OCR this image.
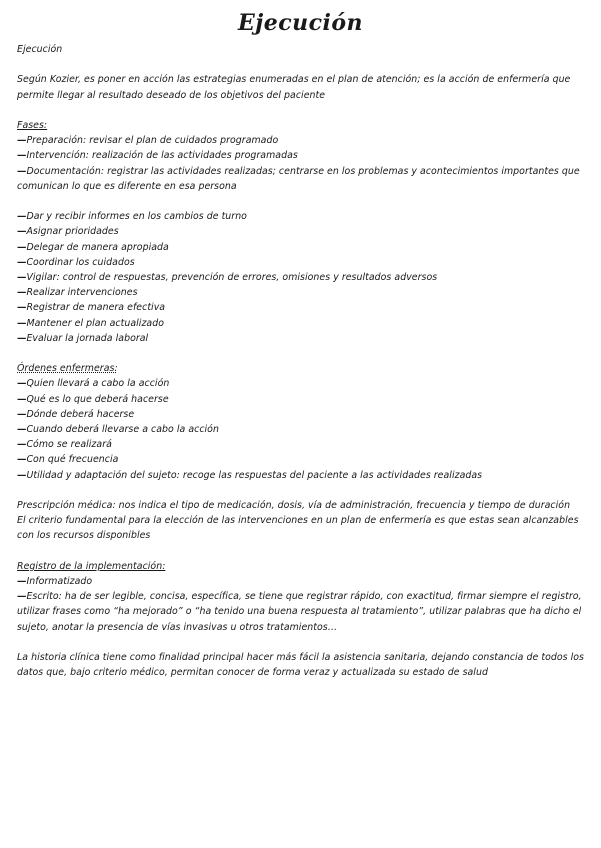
Ejecución

Ejecución

Según Kozier, es poner en acción las estrategias enumeradas en el plan de atención; es la acción de enfermería que permite llegar al resultado deseado de los objetivos del paciente

Fases:

— Preparación: revisar el plan de cuidados programado
— Intervención: realización de las actividades programadas
— Documentación: registrar las actividades realizadas; centrarse en los problemas y acontecimientos importantes que comunican lo que es diferente en esa persona
— Dar y recibir informes en los cambios de turno
— Asignar prioridades
— Delegar de manera apropiada
— Coordinar los cuidados
— Vigilar: control de respuestas, prevención de errores, omisiones y resultados adversos
— Realizar intervenciones
— Registrar de manera efectiva
— Mantener el plan actualizado
— Evaluar la jornada laboral

Órdenes enfermeras:

— Quien llevará a cabo la acción
— Qué es lo que deberá hacerse
— Dónde deberá hacerse
— Cuando deberá llevarse a cabo la acción
— Cómo se realizará
— Con qué frecuencia
— Utilidad y adaptación del sujeto: recoge las respuestas del paciente a las actividades realizadas

Prescripción médica: nos indica el tipo de medicación, dosis, vía de administración, frecuencia y tiempo de duración

El criterio fundamental para la elección de las intervenciones en un plan de enfermería es que estas sean alcanzables con los recursos disponibles

Registro de la implementación:

— Informatizado
— Escrito: ha de ser legible, concisa, específica, se tiene que registrar rápido, con exactitud, firmar siempre el registro, utilizar frases como “ha mejorado” o “ha tenido una buena respuesta al tratamiento”, utilizar palabras que ha dicho el sujeto, anotar la presencia de vías invasivas u otros tratamientos…

La historia clínica tiene como finalidad principal hacer más fácil la asistencia sanitaria, dejando constancia de todos los datos que, bajo criterio médico, permitan conocer de forma veraz y actualizada su estado de salud
